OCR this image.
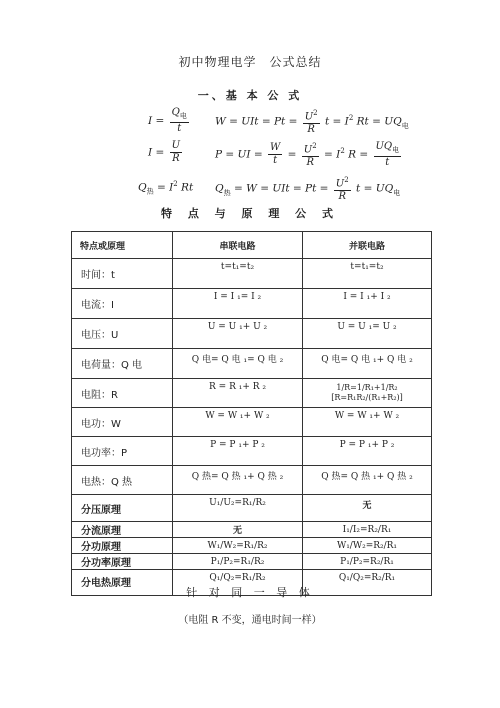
初中物理电学　公式总结
一、基 本 公 式
$I = \frac{Q_电}{t}$ W = UIt = $Pt = \frac{U^2}{R}$ $t = I^2$ $Rt = UQ_电$
$I = \frac{U}{R}$	P = UI = $\frac{W}{t} = \frac{U^2}{R} = I^2$ $R = \frac{UQ_电}{t}$
$Q_热 = I^2$ Rt $Q_热 = W$ = UIt = $Pt = \frac{U^2}{R}$ $t = UQ_电$
特 点 与 原 理 公 式
特点或原理	串联电路	并联电路
时间：t	t=t₁=t₂	t=t₁=t₂
电流：I	I = I ₁= I ₂	I = I ₁+ I ₂
电压：U	U = U ₁+ U ₂	U = U ₁= U ₂
电荷量：Q 电	Q 电= Q 电 ₁= Q 电 ₂	Q 电= Q 电 ₁+ Q 电 ₂
电阻：R	R = R ₁+ R ₂	1/R=1/R₁+1/R₂　[R=R₁R₂/(R₁+R₂)]
电功：W	W = W ₁+ W ₂	W = W ₁+ W ₂
电功率：P	P = P ₁+ P ₂	P = P ₁+ P ₂
电热：Q 热	Q 热= Q 热 ₁+ Q 热 ₂	Q 热= Q 热 ₁+ Q 热 ₂
分压原理	U₁/U₂=R₁/R₂	无
分流原理	无	I₁/I₂=R₂/R₁
分功原理	W₁/W₂=R₁/R₂	W₁/W₂=R₂/R₁
分功率原理	P₁/P₂=R₁/R₂	P₁/P₂=R₂/R₁
分电热原理	Q₁/Q₂=R₁/R₂	Q₁/Q₂=R₂/R₁
针 对 同 一 导 体
（电阻 R 不变，通电时间一样）
